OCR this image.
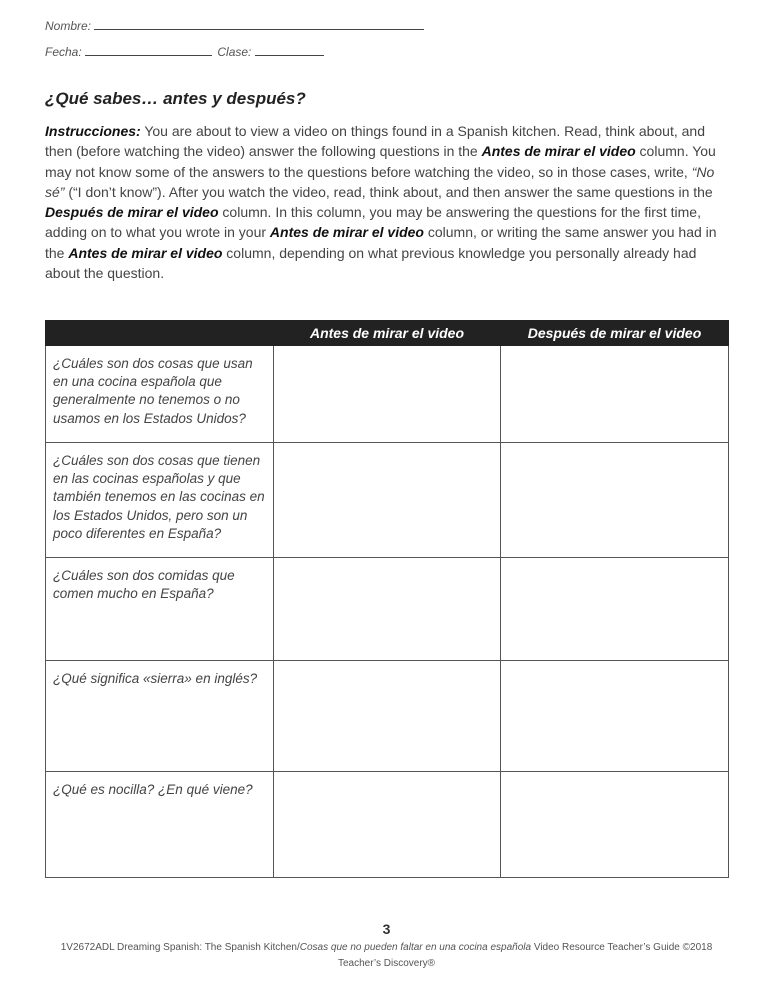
Nombre:
Fecha:	Clase:
¿Qué sabes… antes y después?
Instrucciones: You are about to view a video on things found in a Spanish kitchen. Read, think about, and then (before watching the video) answer the following questions in the Antes de mirar el video column. You may not know some of the answers to the questions before watching the video, so in those cases, write, “No sé” (“I don’t know”). After you watch the video, read, think about, and then answer the same questions in the Después de mirar el video column. In this column, you may be answering the questions for the first time, adding on to what you wrote in your Antes de mirar el video column, or writing the same answer you had in the Antes de mirar el video column, depending on what previous knowledge you personally already had about the question.
	Antes de mirar el video	Después de mirar el video
¿Cuáles son dos cosas que usan en una cocina española que generalmente no tenemos o no usamos en los Estados Unidos?		
¿Cuáles son dos cosas que tienen en las cocinas españolas y que también tenemos en las cocinas en los Estados Unidos, pero son un poco diferentes en España?		
¿Cuáles son dos comidas que comen mucho en España?		
¿Qué significa «sierra» en inglés?		
¿Qué es nocilla? ¿En qué viene?		
3
1V2672ADL Dreaming Spanish: The Spanish Kitchen/Cosas que no pueden faltar en una cocina española Video Resource Teacher’s Guide ©2018
Teacher’s Discovery®
